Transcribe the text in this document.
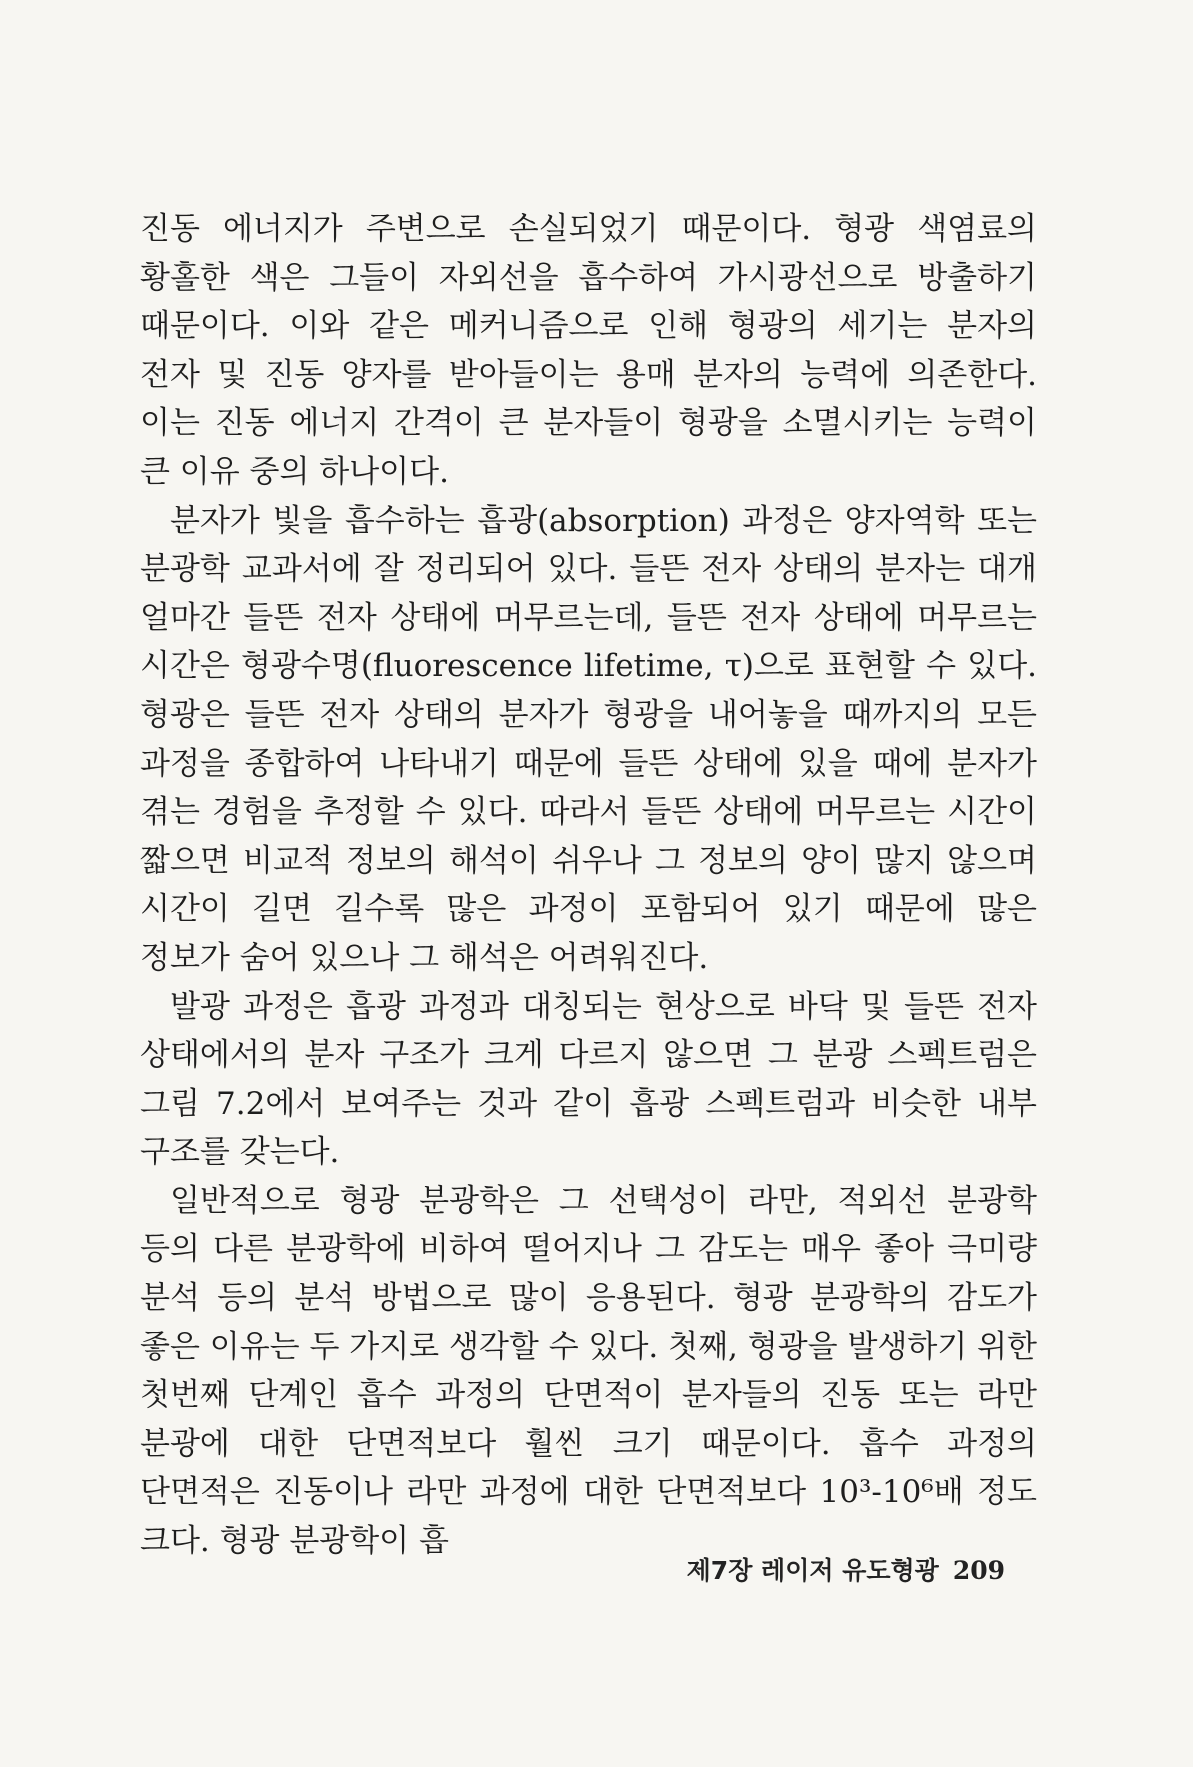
진동 에너지가 주변으로 손실되었기 때문이다. 형광 색염료의 황홀한 색은 그들이 자외선을 흡수하여 가시광선으로 방출하기 때문이다. 이와 같은 메커니즘으로 인해 형광의 세기는 분자의 전자 및 진동 양자를 받아들이는 용매 분자의 능력에 의존한다. 이는 진동 에너지 간격이 큰 분자들이 형광을 소멸시키는 능력이 큰 이유 중의 하나이다.

분자가 빛을 흡수하는 흡광(absorption) 과정은 양자역학 또는 분광학 교과서에 잘 정리되어 있다. 들뜬 전자 상태의 분자는 대개 얼마간 들뜬 전자 상태에 머무르는데, 들뜬 전자 상태에 머무르는 시간은 형광수명(fluorescence lifetime, τ)으로 표현할 수 있다. 형광은 들뜬 전자 상태의 분자가 형광을 내어놓을 때까지의 모든 과정을 종합하여 나타내기 때문에 들뜬 상태에 있을 때에 분자가 겪는 경험을 추정할 수 있다. 따라서 들뜬 상태에 머무르는 시간이 짧으면 비교적 정보의 해석이 쉬우나 그 정보의 양이 많지 않으며 시간이 길면 길수록 많은 과정이 포함되어 있기 때문에 많은 정보가 숨어 있으나 그 해석은 어려워진다.

발광 과정은 흡광 과정과 대칭되는 현상으로 바닥 및 들뜬 전자 상태에서의 분자 구조가 크게 다르지 않으면 그 분광 스펙트럼은 그림 7.2에서 보여주는 것과 같이 흡광 스펙트럼과 비슷한 내부 구조를 갖는다.

일반적으로 형광 분광학은 그 선택성이 라만, 적외선 분광학 등의 다른 분광학에 비하여 떨어지나 그 감도는 매우 좋아 극미량 분석 등의 분석 방법으로 많이 응용된다. 형광 분광학의 감도가 좋은 이유는 두 가지로 생각할 수 있다. 첫째, 형광을 발생하기 위한 첫번째 단계인 흡수 과정의 단면적이 분자들의 진동 또는 라만 분광에 대한 단면적보다 훨씬 크기 때문이다. 흡수 과정의 단면적은 진동이나 라만 과정에 대한 단면적보다 10³-10⁶배 정도 크다. 형광 분광학이 흡

제7장 레이저 유도형광 209
